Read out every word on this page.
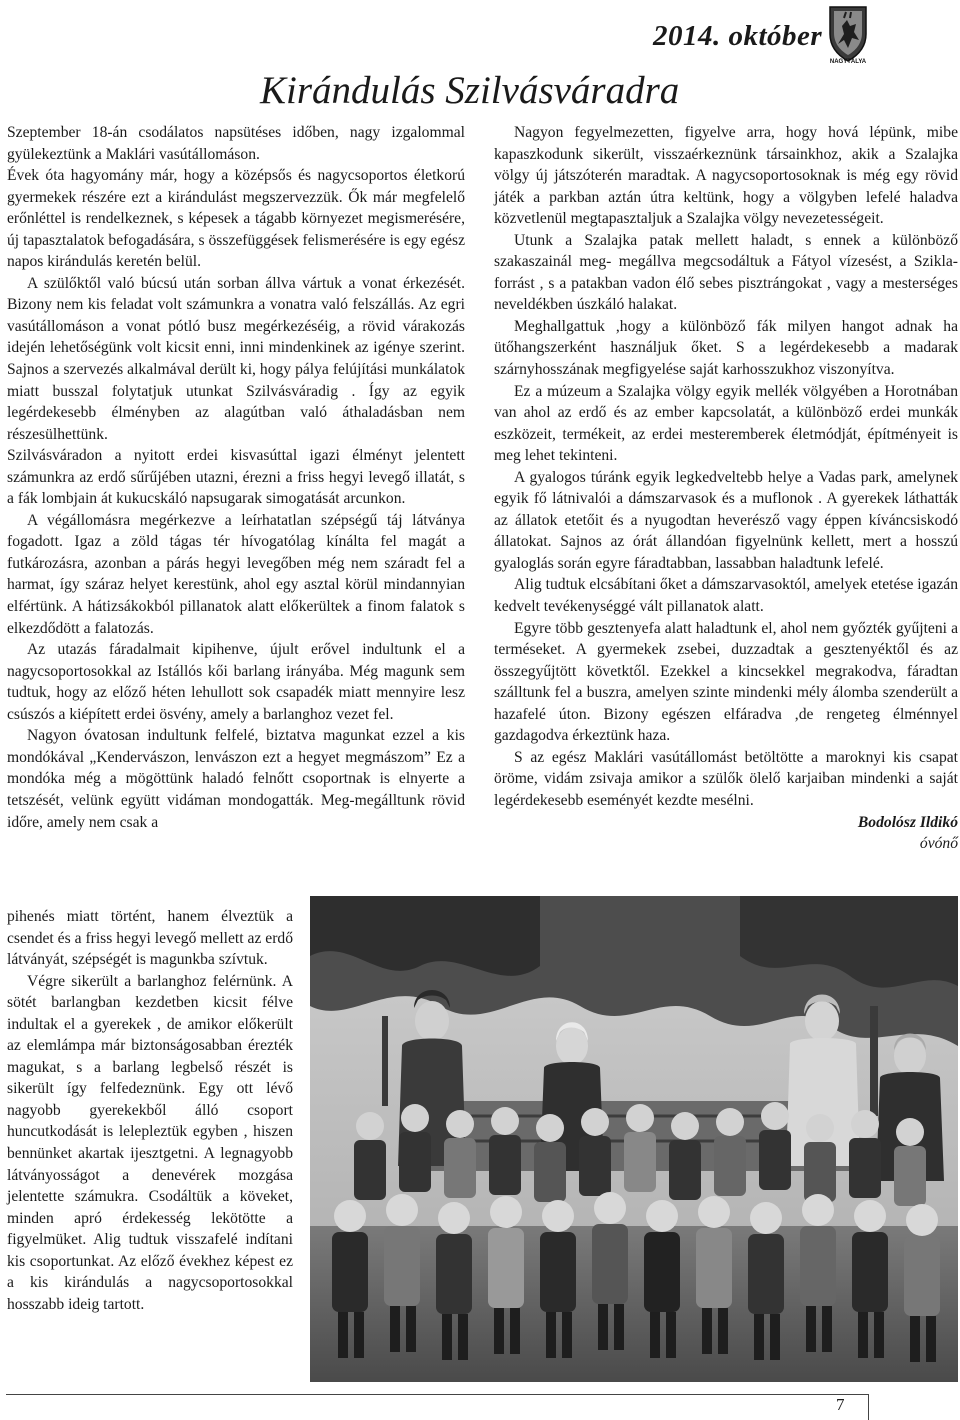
2014. október
NAGYTÁLYA
Kirándulás Szilvásváradra

Szeptember 18-án csodálatos napsütéses időben, nagy izgalommal gyülekeztünk a Maklári vasútállomáson.

Évek óta hagyomány már, hogy a középsős és nagycsoportos életkorú gyermekek részére ezt a kirándulást megszervezzük. Ők már megfelelő erőnléttel is rendelkeznek, s képesek a tágabb környezet megismerésére, új tapasztalatok befogadására, s összefüggések felismerésére is egy egész napos kirándulás keretén belül.

A szülőktől való búcsú után sorban állva vártuk a vonat érkezését. Bizony nem kis feladat volt számunkra a vonatra való felszállás. Az egri vasútállomáson a vonat pótló busz megérkezéséig, a rövid várakozás idején lehetőségünk volt kicsit enni, inni mindenkinek az igénye szerint. Sajnos a szervezés alkalmával derült ki, hogy pálya felújítási munkálatok miatt busszal folytatjuk utunkat Szilvásváradig . Így az egyik legérdekesebb élményben az alagútban való áthaladásban nem részesülhettünk.

Szilvásváradon a nyitott erdei kisvasúttal igazi élményt jelentett számunkra az erdő sűrűjében utazni, érezni a friss hegyi levegő illatát, s a fák lombjain át kukucskáló napsugarak simogatását arcunkon.

A végállomásra megérkezve a leírhatatlan szépségű táj látványa fogadott. Igaz a zöld tágas tér hívogatólag kínálta fel magát a futkározásra, azonban a párás hegyi levegőben még nem száradt fel a harmat, így száraz helyet kerestünk, ahol egy asztal körül mindannyian elfértünk. A hátizsákokból pillanatok alatt előkerültek a finom falatok s elkezdődött a falatozás.

Az utazás fáradalmait kipihenve, újult erővel indultunk el a nagycsoportosokkal az Istállós kői barlang irányába. Még magunk sem tudtuk, hogy az előző héten lehullott sok csapadék miatt mennyire lesz csúszós a kiépített erdei ösvény, amely a barlanghoz vezet fel.

Nagyon óvatosan indultunk felfelé, biztatva magunkat ezzel a kis mondókával „Kendervászon, lenvászon ezt a hegyet megmászom” Ez a mondóka még a mögöttünk haladó felnőtt csoportnak is elnyerte a tetszését, velünk együtt vidáman mondogatták. Meg-megálltunk rövid időre, amely nem csak a

pihenés miatt történt, hanem élveztük a csendet és a friss hegyi levegő mellett az erdő látványát, szépségét is magunkba szívtuk.

Végre sikerült a barlanghoz felérnünk. A sötét barlangban kezdetben kicsit félve indultak el a gyerekek , de amikor előkerült az elemlámpa már biztonságosabban érezték magukat, s a barlang legbelső részét is sikerült így felfedeznünk. Egy ott lévő nagyobb gyerekekből álló csoport huncutkodását is lelepleztük egyben , hiszen bennünket akartak ijesztgetni. A legnagyobb látványosságot a denevérek mozgása jelentette számukra. Csodáltük a köveket, minden apró érdekesség lekötötte a figyelmüket. Alig tudtuk visszafelé indítani kis csoportunkat. Az előző évekhez képest ez a kis kirándulás a nagycsoportosokkal hosszabb ideig tartott.

Nagyon fegyelmezetten, figyelve arra, hogy hová lépünk, mibe kapaszkodunk sikerült, visszaérkeznünk társainkhoz, akik a Szalajka völgy új játszóterén maradtak. A nagycsoportosoknak is még egy rövid játék a parkban aztán útra keltünk, hogy a völgyben lefelé haladva közvetlenül megtapasztaljuk a Szalajka völgy nevezetességeit.

Utunk a Szalajka patak mellett haladt, s ennek a különböző szakaszainál meg- megállva megcsodáltuk a Fátyol vízesést, a Szikla-forrást , s a patakban vadon élő sebes pisztrángokat , vagy a mesterséges neveldékben úszkáló halakat.

Meghallgattuk ,hogy a különböző fák milyen hangot adnak ha ütőhangszerként használjuk őket. S a legérdekesebb a madarak szárnyhosszának megfigyelése saját karhosszukhoz viszonyítva.

Ez a múzeum a Szalajka völgy egyik mellék völgyében a Horotnában van ahol az erdő és az ember kapcsolatát, a különböző erdei munkák eszközeit, termékeit, az erdei mesteremberek életmódját, építményeit is meg lehet tekinteni.

A gyalogos túránk egyik legkedveltebb helye a Vadas park, amelynek egyik fő látnivalói a dámszarvasok és a muflonok . A gyerekek láthatták az állatok etetőit és a nyugodtan heverésző vagy éppen kíváncsiskodó állatokat. Sajnos az órát állandóan figyelnünk kellett, mert a hosszú gyaloglás során egyre fáradtabban, lassabban haladtunk lefelé.

Alig tudtuk elcsábítani őket a dámszarvasoktól, amelyek etetése igazán kedvelt tevékenységgé vált pillanatok alatt.

Egyre több gesztenyefa alatt haladtunk el, ahol nem győzték gyűjteni a terméseket. A gyermekek zsebei, duzzadtak a gesztenyéktől és az összegyűjtött követktől. Ezekkel a kincsekkel megrakodva, fáradtan szálltunk fel a buszra, amelyen szinte mindenki mély álomba szenderült a hazafelé úton. Bizony egészen elfáradva ,de rengeteg élménnyel gazdagodva érkeztünk haza.

S az egész Maklári vasútállomást betöltötte a maroknyi kis csapat öröme, vidám zsivaja amikor a szülők ölelő karjaiban mindenki a saját legérdekesebb eseményét kezdte mesélni.

Bodolósz Ildikó

óvónő

7
